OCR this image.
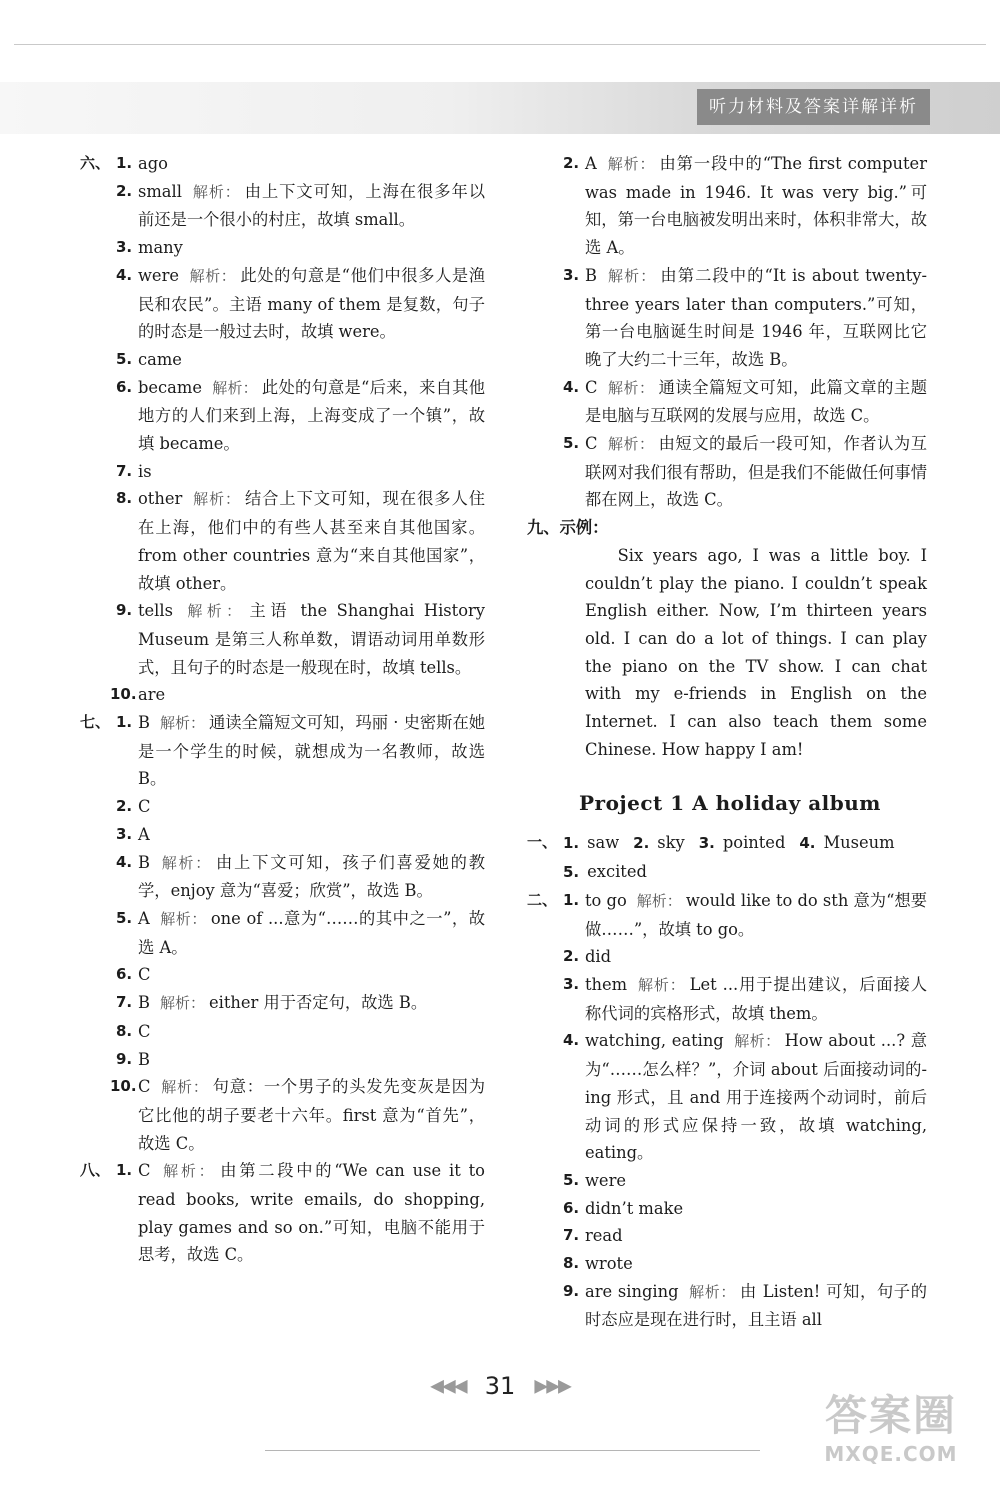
听力材料及答案详解详析
六、 1. ago
2. small 解析： 由上下文可知，上海在很多年以前还是一个很小的村庄，故填 small。
3. many
4. were 解析： 此处的句意是“他们中很多人是渔民和农民”。主语 many of them 是复数，句子的时态是一般过去时，故填 were。
5. came
6. became 解析： 此处的句意是“后来，来自其他地方的人们来到上海，上海变成了一个镇”，故填 became。
7. is
8. other 解析： 结合上下文可知，现在很多人住在上海，他们中的有些人甚至来自其他国家。from other countries 意为“来自其他国家”，故填 other。
9. tells 解析： 主语 the Shanghai History Museum 是第三人称单数，谓语动词用单数形式，且句子的时态是一般现在时，故填 tells。
10. are
七、 1. B 解析： 通读全篇短文可知，玛丽 · 史密斯在她是一个学生的时候，就想成为一名教师，故选 B。
2. C
3. A
4. B 解析： 由上下文可知，孩子们喜爱她的教学，enjoy 意为“喜爱；欣赏”，故选 B。
5. A 解析： one of ...意为“……的其中之一”，故选 A。
6. C
7. B 解析： either 用于否定句，故选 B。
8. C
9. B
10. C 解析： 句意：一个男子的头发先变灰是因为它比他的胡子要老十六年。first 意为“首先”，故选 C。
八、 1. C 解析： 由第二段中的“We can use it to read books, write emails, do shopping, play games and so on.”可知，电脑不能用于思考，故选 C。
2. A 解析： 由第一段中的“The first computer was made in 1946. It was very big.”可知，第一台电脑被发明出来时，体积非常大，故选 A。
3. B 解析： 由第二段中的“It is about twenty-three years later than computers.”可知，第一台电脑诞生时间是 1946 年，互联网比它晚了大约二十三年，故选 B。
4. C 解析： 通读全篇短文可知，此篇文章的主题是电脑与互联网的发展与应用，故选 C。
5. C 解析： 由短文的最后一段可知，作者认为互联网对我们很有帮助，但是我们不能做任何事情都在网上，故选 C。
九、示例：
Six years ago, I was a little boy. I couldn’t play the piano. I couldn’t speak English either. Now, I’m thirteen years old. I can do a lot of things. I can play the piano on the TV show. I can chat with my e-friends in English on the Internet. I can also teach them some Chinese. How happy I am!
Project 1 A holiday album
一、 1. saw 2. sky 3. pointed 4. Museum
5. excited
二、 1. to go 解析： would like to do sth 意为“想要做……”，故填 to go。
2. did
3. them 解析： Let ...用于提出建议，后面接人称代词的宾格形式，故填 them。
4. watching, eating 解析： How about ...? 意为“……怎么样？”，介词 about 后面接动词的-ing 形式，且 and 用于连接两个动词时，前后动词的形式应保持一致，故填 watching, eating。
5. were
6. didn’t make
7. read
8. wrote
9. are singing 解析： 由 Listen! 可知，句子的时态应是现在进行时，且主语 all
◀◀◀ 31 ▶▶▶
答案圈
MXQE.COM
